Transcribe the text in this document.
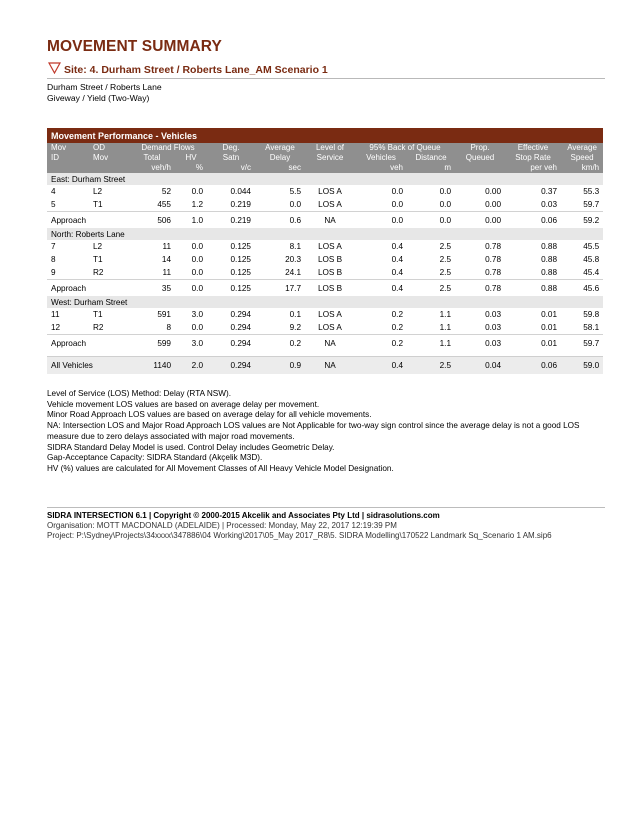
MOVEMENT SUMMARY
Site: 4. Durham Street / Roberts Lane_AM Scenario 1
Durham Street / Roberts Lane
Giveway / Yield (Two-Way)
Movement Performance - Vehicles											
Mov	OD	Demand Flows		Deg.	Average	Level of	95% Back of Queue		Prop.	Effective	Average
ID	Mov	Total	HV	Satn	Delay	Service	Vehicles	Distance	Queued	Stop Rate	Speed
		veh/h	%	v/c	sec		veh	m		per veh	km/h
East: Durham Street											
4	L2	52	0.0	0.044	5.5	LOS A	0.0	0.0	0.00	0.37	55.3
5	T1	455	1.2	0.219	0.0	LOS A	0.0	0.0	0.00	0.03	59.7
Approach		506	1.0	0.219	0.6	NA	0.0	0.0	0.00	0.06	59.2
North: Roberts Lane											
7	L2	11	0.0	0.125	8.1	LOS A	0.4	2.5	0.78	0.88	45.5
8	T1	14	0.0	0.125	20.3	LOS B	0.4	2.5	0.78	0.88	45.8
9	R2	11	0.0	0.125	24.1	LOS B	0.4	2.5	0.78	0.88	45.4
Approach		35	0.0	0.125	17.7	LOS B	0.4	2.5	0.78	0.88	45.6
West: Durham Street											
11	T1	591	3.0	0.294	0.1	LOS A	0.2	1.1	0.03	0.01	59.8
12	R2	8	0.0	0.294	9.2	LOS A	0.2	1.1	0.03	0.01	58.1
Approach		599	3.0	0.294	0.2	NA	0.2	1.1	0.03	0.01	59.7

All Vehicles		1140	2.0	0.294	0.9	NA	0.4	2.5	0.04	0.06	59.0
Level of Service (LOS) Method: Delay (RTA NSW).
Vehicle movement LOS values are based on average delay per movement.
Minor Road Approach LOS values are based on average delay for all vehicle movements.
NA: Intersection LOS and Major Road Approach LOS values are Not Applicable for two-way sign control since the average delay is not a good LOS measure due to zero delays associated with major road movements.
SIDRA Standard Delay Model is used. Control Delay includes Geometric Delay.
Gap-Acceptance Capacity: SIDRA Standard (Akçelik M3D).
HV (%) values are calculated for All Movement Classes of All Heavy Vehicle Model Designation.
SIDRA INTERSECTION 6.1 | Copyright © 2000-2015 Akcelik and Associates Pty Ltd | sidrasolutions.com
Organisation: MOTT MACDONALD (ADELAIDE) | Processed: Monday, May 22, 2017 12:19:39 PM
Project: P:\Sydney\Projects\34xxxx\347886\04 Working\2017\05_May 2017_R8\5. SIDRA Modelling\170522 Landmark Sq_Scenario 1 AM.sip6
